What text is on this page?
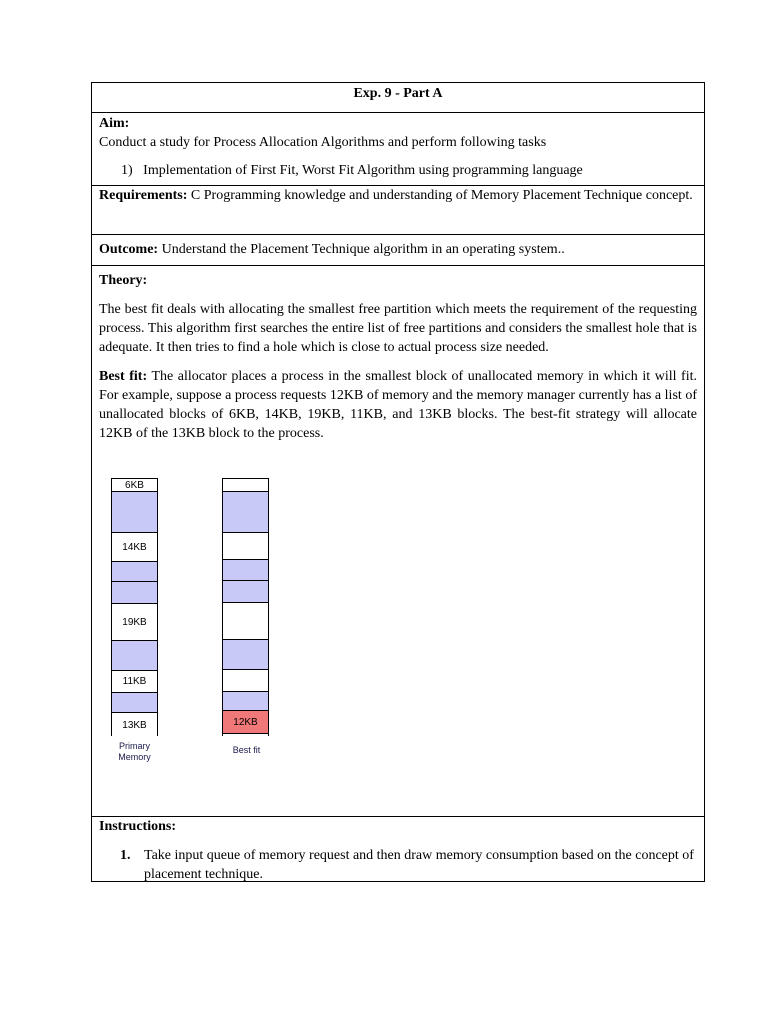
Exp. 9 - Part A
Aim:
Conduct a study for Process Allocation Algorithms and perform following tasks
1) Implementation of First Fit, Worst Fit Algorithm using programming language
Requirements: C Programming knowledge and understanding of Memory Placement Technique concept.
Outcome: Understand the Placement Technique algorithm in an operating system..
Theory:

The best fit deals with allocating the smallest free partition which meets the requirement of the requesting process. This algorithm first searches the entire list of free partitions and considers the smallest hole that is adequate. It then tries to find a hole which is close to actual process size needed.

Best fit: The allocator places a process in the smallest block of unallocated memory in which it will fit. For example, suppose a process requests 12KB of memory and the memory manager currently has a list of unallocated blocks of 6KB, 14KB, 19KB, 11KB, and 13KB blocks. The best-fit strategy will allocate 12KB of the 13KB block to the process.

6KB
14KB
19KB
11KB
13KB
Primary
Memory
12KB
Best fit
Instructions:
1. Take input queue of memory request and then draw memory consumption based on the concept of placement technique.
